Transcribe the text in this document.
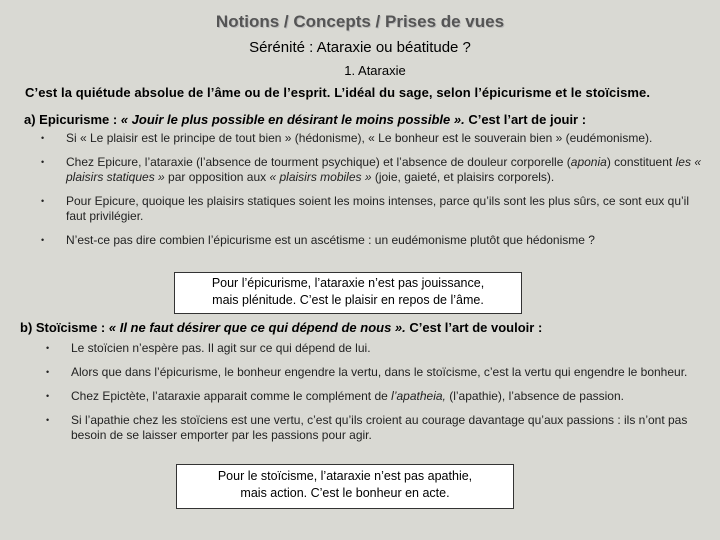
Notions / Concepts / Prises de vues
Sérénité : Ataraxie ou béatitude ?
1. Ataraxie
C’est la quiétude absolue de l’âme ou de l’esprit. L’idéal du sage, selon l’épicurisme et le stoïcisme.
a) Epicurisme : « Jouir le plus possible en désirant le moins possible ». C’est l’art de jouir :
• Si « Le plaisir est le principe de tout bien » (hédonisme), « Le bonheur est le souverain bien » (eudémonisme).
• Chez Epicure, l’ataraxie (l’absence de tourment psychique) et l’absence de douleur corporelle (aponia) constituent les « plaisirs statiques » par opposition aux « plaisirs mobiles » (joie, gaieté, et plaisirs corporels).
• Pour Epicure, quoique les plaisirs statiques soient les moins intenses, parce qu’ils sont les plus sûrs, ce sont eux qu’il faut privilégier.
• N’est-ce pas dire combien l’épicurisme est un ascétisme : un eudémonisme plutôt que hédonisme ?
Pour l’épicurisme, l’ataraxie n’est pas jouissance,
mais plénitude. C’est le plaisir en repos de l’âme.
b) Stoïcisme : « Il ne faut désirer que ce qui dépend de nous ». C’est l’art de vouloir :
• Le stoïcien n’espère pas. Il agit sur ce qui dépend de lui.
• Alors que dans l’épicurisme, le bonheur engendre la vertu, dans le stoïcisme, c’est la vertu qui engendre le bonheur.
• Chez Epictète, l’ataraxie apparait comme le complément de l’apatheia, (l’apathie), l’absence de passion.
• Si l’apathie chez les stoïciens est une vertu, c’est qu’ils croient au courage davantage qu’aux passions : ils n’ont pas besoin de se laisser emporter par les passions pour agir.
Pour le stoïcisme, l’ataraxie n’est pas apathie,
mais action. C’est le bonheur en acte.
